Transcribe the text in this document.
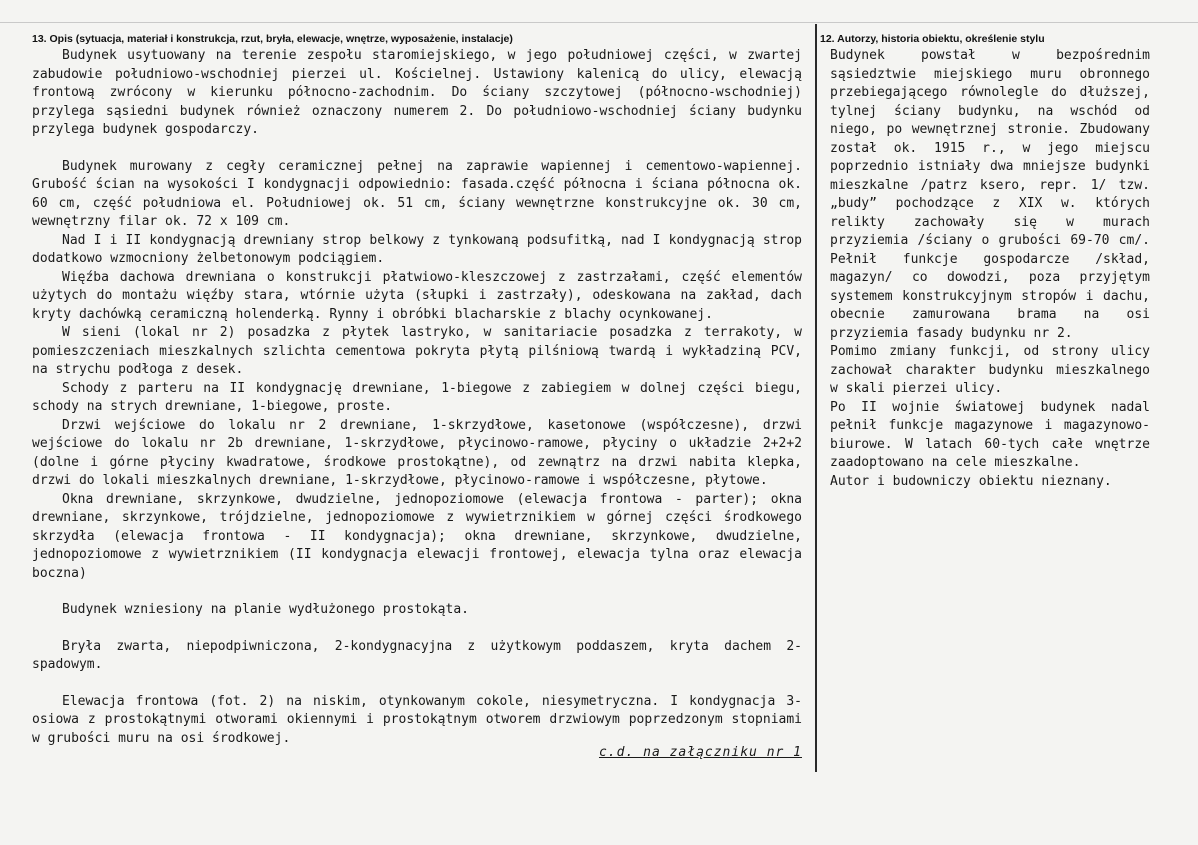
13. Opis (sytuacja, materiał i konstrukcja, rzut, bryła, elewacje, wnętrze, wyposażenie, instalacje)

Budynek usytuowany na terenie zespołu staromiejskiego, w jego południowej części, w zwartej zabudowie południowo-wschodniej pierzei ul. Kościelnej. Ustawiony kalenicą do ulicy, elewacją frontową zwrócony w kierunku północno-zachodnim. Do ściany szczytowej (północno-wschodniej) przylega sąsiedni budynek również oznaczony numerem 2. Do południowo-wschodniej ściany budynku przylega budynek gospodarczy.

Budynek murowany z cegły ceramicznej pełnej na zaprawie wapiennej i cementowo-wapiennej. Grubość ścian na wysokości I kondygnacji odpowiednio: fasada.część północna i ściana północna ok. 60 cm, część południowa el. Południowej ok. 51 cm, ściany wewnętrzne konstrukcyjne ok. 30 cm, wewnętrzny filar ok. 72 x 109 cm.

Nad I i II kondygnacją drewniany strop belkowy z tynkowaną podsufitką, nad I kondygnacją strop dodatkowo wzmocniony żelbetonowym podciągiem.

Więźba dachowa drewniana o konstrukcji płatwiowo-kleszczowej z zastrzałami, część elementów użytych do montażu więźby stara, wtórnie użyta (słupki i zastrzały), odeskowana na zakład, dach kryty dachówką ceramiczną holenderką. Rynny i obróbki blacharskie z blachy ocynkowanej.

W sieni (lokal nr 2) posadzka z płytek lastryko, w sanitariacie posadzka z terrakoty, w pomieszczeniach mieszkalnych szlichta cementowa pokryta płytą pilśniową twardą i wykładziną PCV, na strychu podłoga z desek.

Schody z parteru na II kondygnację drewniane, 1-biegowe z zabiegiem w dolnej części biegu, schody na strych drewniane, 1-biegowe, proste.

Drzwi wejściowe do lokalu nr 2 drewniane, 1-skrzydłowe, kasetonowe (współczesne), drzwi wejściowe do lokalu nr 2b drewniane, 1-skrzydłowe, płycinowo-ramowe, płyciny o układzie 2+2+2 (dolne i górne płyciny kwadratowe, środkowe prostokątne), od zewnątrz na drzwi nabita klepka, drzwi do lokali mieszkalnych drewniane, 1-skrzydłowe, płycinowo-ramowe i współczesne, płytowe.

Okna drewniane, skrzynkowe, dwudzielne, jednopoziomowe (elewacja frontowa - parter); okna drewniane, skrzynkowe, trójdzielne, jednopoziomowe z wywietrznikiem w górnej części środkowego skrzydła (elewacja frontowa - II kondygnacja); okna drewniane, skrzynkowe, dwudzielne, jednopoziomowe z wywietrznikiem (II kondygnacja elewacji frontowej, elewacja tylna oraz elewacja boczna)

Budynek wzniesiony na planie wydłużonego prostokąta.

Bryła zwarta, niepodpiwniczona, 2-kondygnacyjna z użytkowym poddaszem, kryta dachem 2-spadowym.

Elewacja frontowa (fot. 2) na niskim, otynkowanym cokole, niesymetryczna. I kondygnacja 3-osiowa z prostokątnymi otworami okiennymi i prostokątnym otworem drzwiowym poprzedzonym stopniami w grubości muru na osi środkowej.

c.d. na załączniku nr 1
12. Autorzy, historia obiektu, określenie stylu

Budynek powstał w bezpośrednim sąsiedztwie miejskiego muru obronnego przebiegającego równolegle do dłuższej, tylnej ściany budynku, na wschód od niego, po wewnętrznej stronie. Zbudowany został ok. 1915 r., w jego miejscu poprzednio istniały dwa mniejsze budynki mieszkalne /patrz ksero, repr. 1/ tzw. „budy” pochodzące z XIX w. których relikty zachowały się w murach przyziemia /ściany o grubości 69-70 cm/. Pełnił funkcje gospodarcze /skład, magazyn/ co dowodzi, poza przyjętym systemem konstrukcyjnym stropów i dachu, obecnie zamurowana brama na osi przyziemia fasady budynku nr 2.

Pomimo zmiany funkcji, od strony ulicy zachował charakter budynku mieszkalnego w skali pierzei ulicy.

Po II wojnie światowej budynek nadal pełnił funkcje magazynowe i magazynowo-biurowe. W latach 60-tych całe wnętrze zaadoptowano na cele mieszkalne.

Autor i budowniczy obiektu nieznany.
